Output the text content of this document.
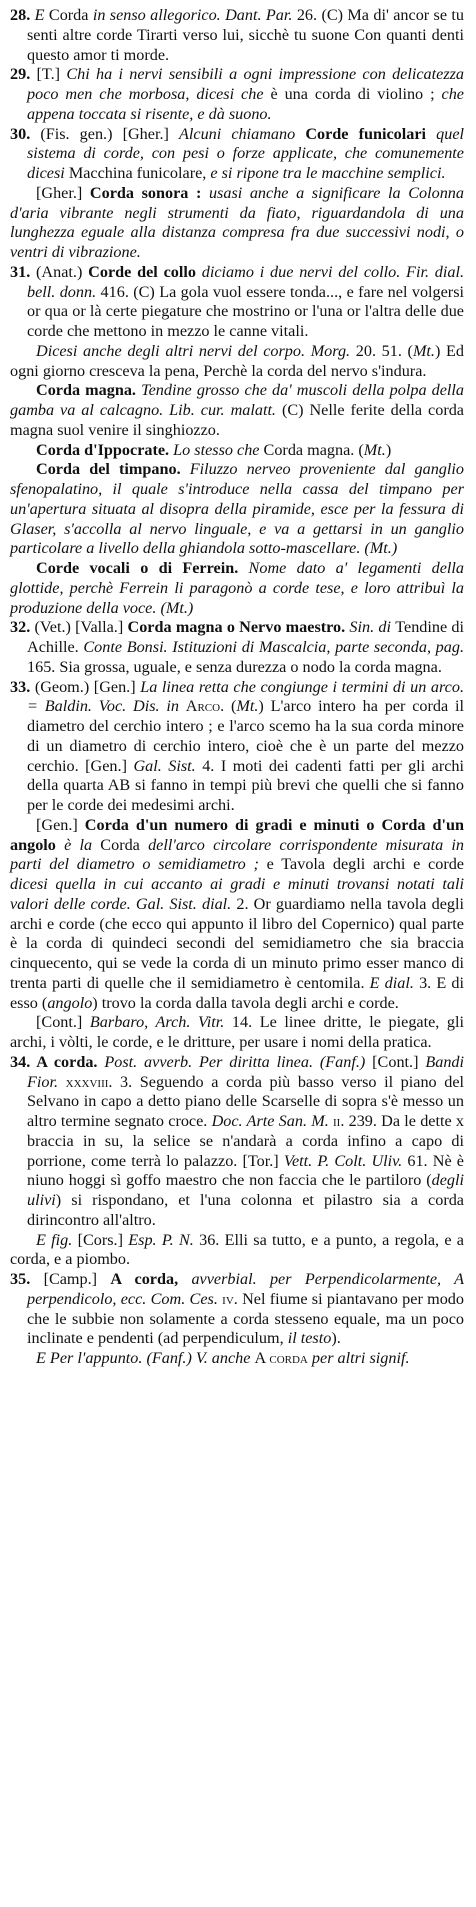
28. E Corda in senso allegorico. Dant. Par. 26. (C) Ma di' ancor se tu senti altre corde Tirarti verso lui, sicchè tu suone Con quanti denti questo amor ti morde.

29. [T.] Chi ha i nervi sensibili a ogni impressione con delicatezza poco men che morbosa, dicesi che è una corda di violino ; che appena toccata si risente, e dà suono.

30. (Fis. gen.) [Gher.] Alcuni chiamano Corde funicolari quel sistema di corde, con pesi o forze applicate, che comunemente dicesi Macchina funicolare, e si ripone tra le macchine semplici.

[Gher.] Corda sonora : usasi anche a significare la Colonna d'aria vibrante negli strumenti da fiato, riguardandola di una lunghezza eguale alla distanza compresa fra due successivi nodi, o ventri di vibrazione.

31. (Anat.) Corde del collo diciamo i due nervi del collo. Fir. dial. bell. donn. 416. (C) La gola vuol essere tonda..., e fare nel volgersi or qua or là certe piegature che mostrino or l'una or l'altra delle due corde che mettono in mezzo le canne vitali.

Dicesi anche degli altri nervi del corpo. Morg. 20. 51. (Mt.) Ed ogni giorno cresceva la pena, Perchè la corda del nervo s'indura.

Corda magna. Tendine grosso che da' muscoli della polpa della gamba va al calcagno. Lib. cur. malatt. (C) Nelle ferite della corda magna suol venire il singhiozzo.

Corda d'Ippocrate. Lo stesso che Corda magna. (Mt.)

Corda del timpano. Filuzzo nerveo proveniente dal ganglio sfenopalatino, il quale s'introduce nella cassa del timpano per un'apertura situata al disopra della piramide, esce per la fessura di Glaser, s'accolla al nervo linguale, e va a gettarsi in un ganglio particolare a livello della ghiandola sotto-mascellare. (Mt.)

Corde vocali o di Ferrein. Nome dato a' legamenti della glottide, perchè Ferrein li paragonò a corde tese, e loro attribuì la produzione della voce. (Mt.)

32. (Vet.) [Valla.] Corda magna o Nervo maestro. Sin. di Tendine di Achille. Conte Bonsi. Istituzioni di Mascalcia, parte seconda, pag. 165. Sia grossa, uguale, e senza durezza o nodo la corda magna.

33. (Geom.) [Gen.] La linea retta che congiunge i termini di un arco. = Baldin. Voc. Dis. in Arco. (Mt.) L'arco intero ha per corda il diametro del cerchio intero ; e l'arco scemo ha la sua corda minore di un diametro di cerchio intero, cioè che è un parte del mezzo cerchio. [Gen.] Gal. Sist. 4. I moti dei cadenti fatti per gli archi della quarta AB si fanno in tempi più brevi che quelli che si fanno per le corde dei medesimi archi.

[Gen.] Corda d'un numero di gradi e minuti o Corda d'un angolo è la Corda dell'arco circolare corrispondente misurata in parti del diametro o semidiametro ; e Tavola degli archi e corde dicesi quella in cui accanto ai gradi e minuti trovansi notati tali valori delle corde. Gal. Sist. dial. 2. Or guardiamo nella tavola degli archi e corde (che ecco qui appunto il libro del Copernico) qual parte è la corda di quindeci secondi del semidiametro che sia braccia cinquecento, qui se vede la corda di un minuto primo esser manco di trenta parti di quelle che il semidiametro è centomila. E dial. 3. E di esso (angolo) trovo la corda dalla tavola degli archi e corde.

[Cont.] Barbaro, Arch. Vitr. 14. Le linee dritte, le piegate, gli archi, i vòlti, le corde, e le dritture, per usare i nomi della pratica.

34. A corda. Post. avverb. Per diritta linea. (Fanf.) [Cont.] Bandi Fior. xxxviii. 3. Seguendo a corda più basso verso il piano del Selvano in capo a detto piano delle Scarselle di sopra s'è messo un altro termine segnato croce. Doc. Arte San. M. ii. 239. Da le dette x braccia in su, la selice se n'andarà a corda infino a capo di porrione, come terrà lo palazzo. [Tor.] Vett. P. Colt. Uliv. 61. Nè è niuno hoggi sì goffo maestro che non faccia che le partiloro (degli ulivi) si rispondano, et l'una colonna et pilastro sia a corda dirincontro all'altro.

E fig. [Cors.] Esp. P. N. 36. Elli sa tutto, e a punto, a regola, e a corda, e a piombo.

35. [Camp.] A corda, avverbial. per Perpendicolarmente, A perpendicolo, ecc. Com. Ces. iv. Nel fiume si piantavano per modo che le subbie non solamente a corda stesseno equale, ma un poco inclinate e pendenti (ad perpendiculum, il testo).

E Per l'appunto. (Fanf.) V. anche A corda per altri signif.
